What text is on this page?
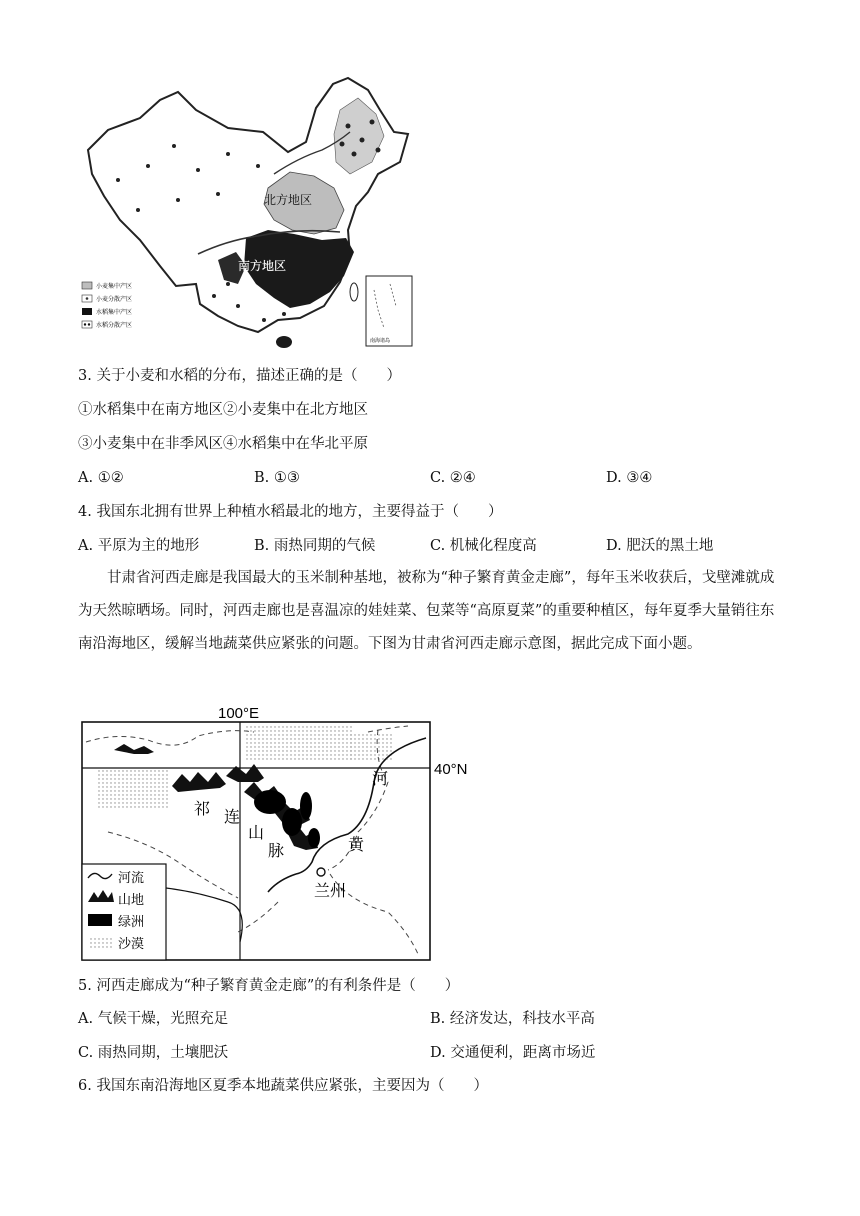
北方地区
南方地区
小麦集中产区
小麦分散产区
水稻集中产区
水稻分散产区
南海诸岛
3. 关于小麦和水稻的分布，描述正确的是（　　）
①水稻集中在南方地区②小麦集中在北方地区
③小麦集中在非季风区④水稻集中在华北平原
A. ①②	B. ①③	C. ②④	D. ③④
4. 我国东北拥有世界上种植水稻最北的地方，主要得益于（　　）
A. 平原为主的地形	B. 雨热同期的气候	C. 机械化程度高	D. 肥沃的黑土地
甘肃省河西走廊是我国最大的玉米制种基地，被称为“种子繁育黄金走廊”，每年玉米收获后，戈壁滩就成为天然晾晒场。同时，河西走廊也是喜温凉的娃娃菜、包菜等“高原夏菜”的重要种植区，每年夏季大量销往东南沿海地区，缓解当地蔬菜供应紧张的问题。下图为甘肃省河西走廊示意图，据此完成下面小题。
100°E
40°N
祁 连
山
脉
河
黄
兰州
河流
山地
绿洲
沙漠
5. 河西走廊成为“种子繁育黄金走廊”的有利条件是（　　）
A. 气候干燥，光照充足	B. 经济发达，科技水平高
C. 雨热同期，土壤肥沃	D. 交通便利，距离市场近
6. 我国东南沿海地区夏季本地蔬菜供应紧张，主要因为（　　）
